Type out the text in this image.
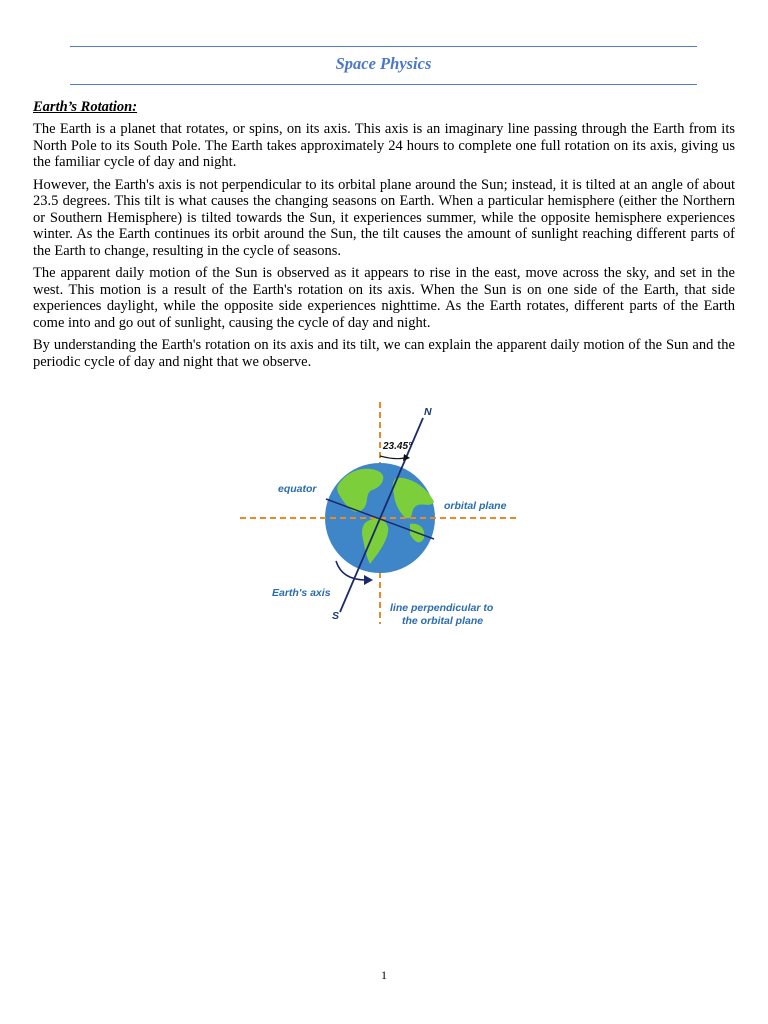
Space Physics
Earth’s Rotation:

The Earth is a planet that rotates, or spins, on its axis. This axis is an imaginary line passing through the Earth from its North Pole to its South Pole. The Earth takes approximately 24 hours to complete one full rotation on its axis, giving us the familiar cycle of day and night.

However, the Earth's axis is not perpendicular to its orbital plane around the Sun; instead, it is tilted at an angle of about 23.5 degrees. This tilt is what causes the changing seasons on Earth. When a particular hemisphere (either the Northern or Southern Hemisphere) is tilted towards the Sun, it experiences summer, while the opposite hemisphere experiences winter. As the Earth continues its orbit around the Sun, the tilt causes the amount of sunlight reaching different parts of the Earth to change, resulting in the cycle of seasons.

The apparent daily motion of the Sun is observed as it appears to rise in the east, move across the sky, and set in the west. This motion is a result of the Earth's rotation on its axis. When the Sun is on one side of the Earth, that side experiences daylight, while the opposite side experiences nighttime. As the Earth rotates, different parts of the Earth come into and go out of sunlight, causing the cycle of day and night.

By understanding the Earth's rotation on its axis and its tilt, we can explain the apparent daily motion of the Sun and the periodic cycle of day and night that we observe.

N
S
23.45°
equator
orbital plane
Earth's axis
line perpendicular to
the orbital plane
1
